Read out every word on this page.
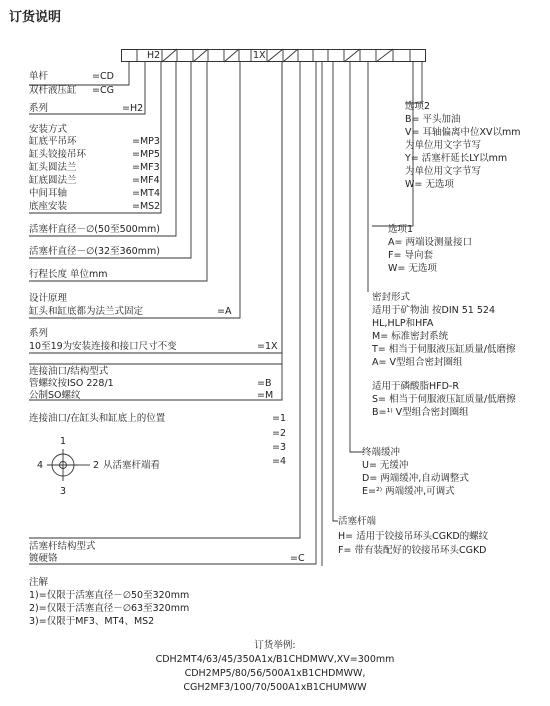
订货说明
H2	1X
单杆	=CD
双杆液压缸 =CG
系列	=H2
安装方式
缸底平吊环	=MP3
缸头铰接吊环	=MP5
缸头圆法兰	=MF3
缸底圆法兰	=MF4
中间耳轴	=MT4
底座安装	=MS2
活塞杆直径－∅(50至500mm)
活塞杆直径－∅(32至360mm)
行程长度 单位mm
设计原理
缸头和缸底都为法兰式固定	=A
系列
10至19为安装连接和接口尺寸不变	=1X
连接油口/结构型式
管螺纹按ISO 228/1	=B
公制SO螺纹	=M
连接油口/在缸头和缸底上的位置	=1
=2
=3
=4
1
4	2
3
从活塞杆端看
活塞杆结构型式
镀硬铬	=C
注解
1)=仅限于活塞直径－∅50至320mm
2)=仅限于活塞直径－∅63至320mm
3)=仅限于MF3、MT4、MS2
选项2
B= 平头加油
V= 耳轴偏离中位XV以mm
为单位用文字节写
Y= 活塞杆延长LY以mm
为单位用文字节写
W= 无选项
选项1
A= 两端设测量接口
F= 导向套
W= 无选项
密封形式
适用于矿物油 按DIN 51 524
HL,HLP和HFA
M= 标准密封系统
T= 相当于伺服液压缸质量/低磨擦
A= V型组合密封圈组
适用于磷酸脂HFD-R
S= 相当于伺服液压缸质量/低磨擦
B=¹⁾ V型组合密封圈组
终端缓冲
U= 无缓冲
D= 两端缓冲,自动调整式
E=²⁾ 两端缓冲,可调式
活塞杆端
H= 适用于铰接吊环头CGKD的螺纹
F= 带有装配好的铰接吊环头CGKD
订货举例:
CDH2MT4/63/45/350A1x/B1CHDMWV,XV=300mm
CDH2MP5/80/56/500A1xB1CHDMWW,
CGH2MF3/100/70/500A1xB1CHUMWW
